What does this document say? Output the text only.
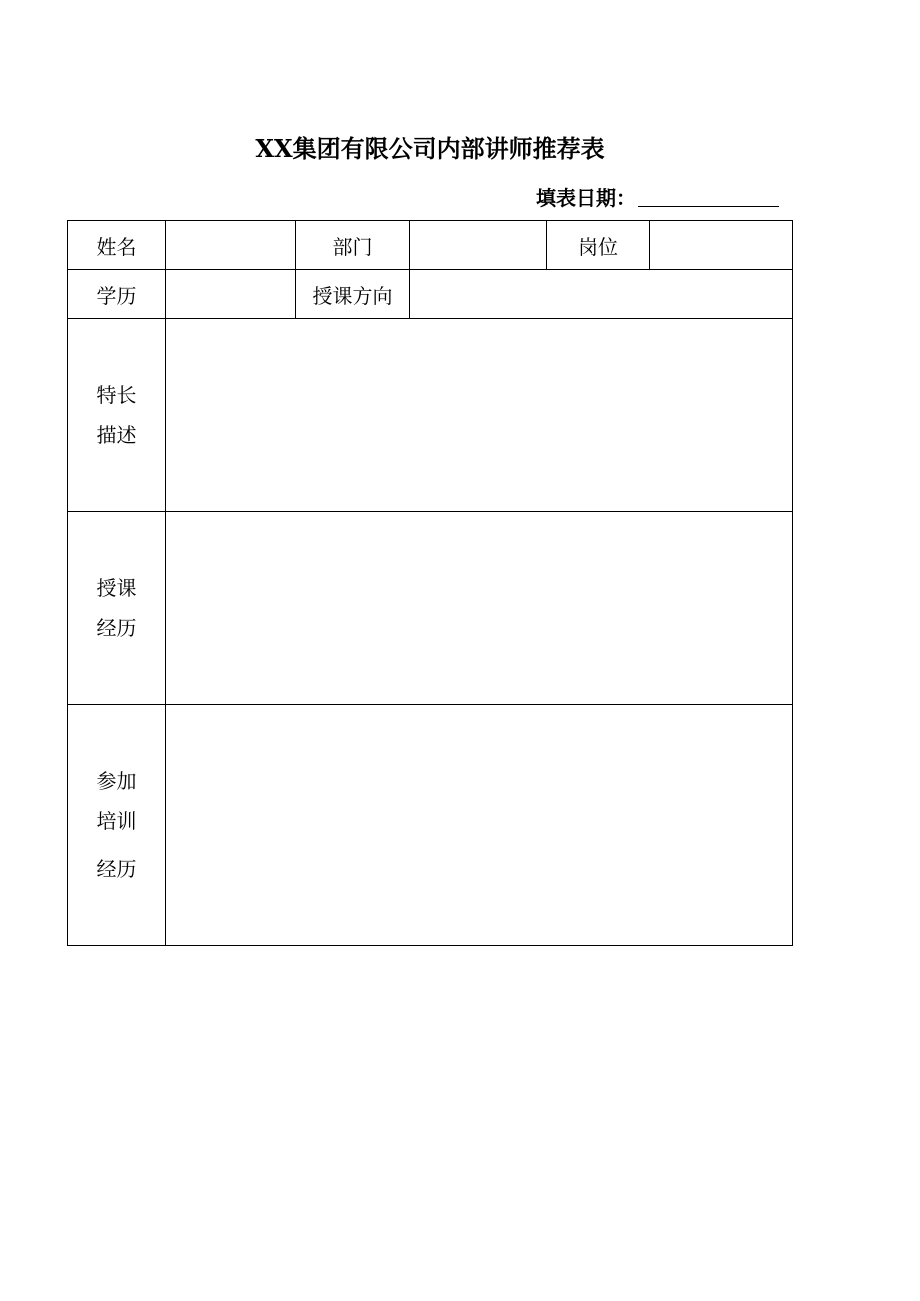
XX集团有限公司内部讲师推荐表
填表日期：
姓名		部门		岗位	
学历		授课方向			

特长
描述					

授课
经历					

参加
培训
经历					
